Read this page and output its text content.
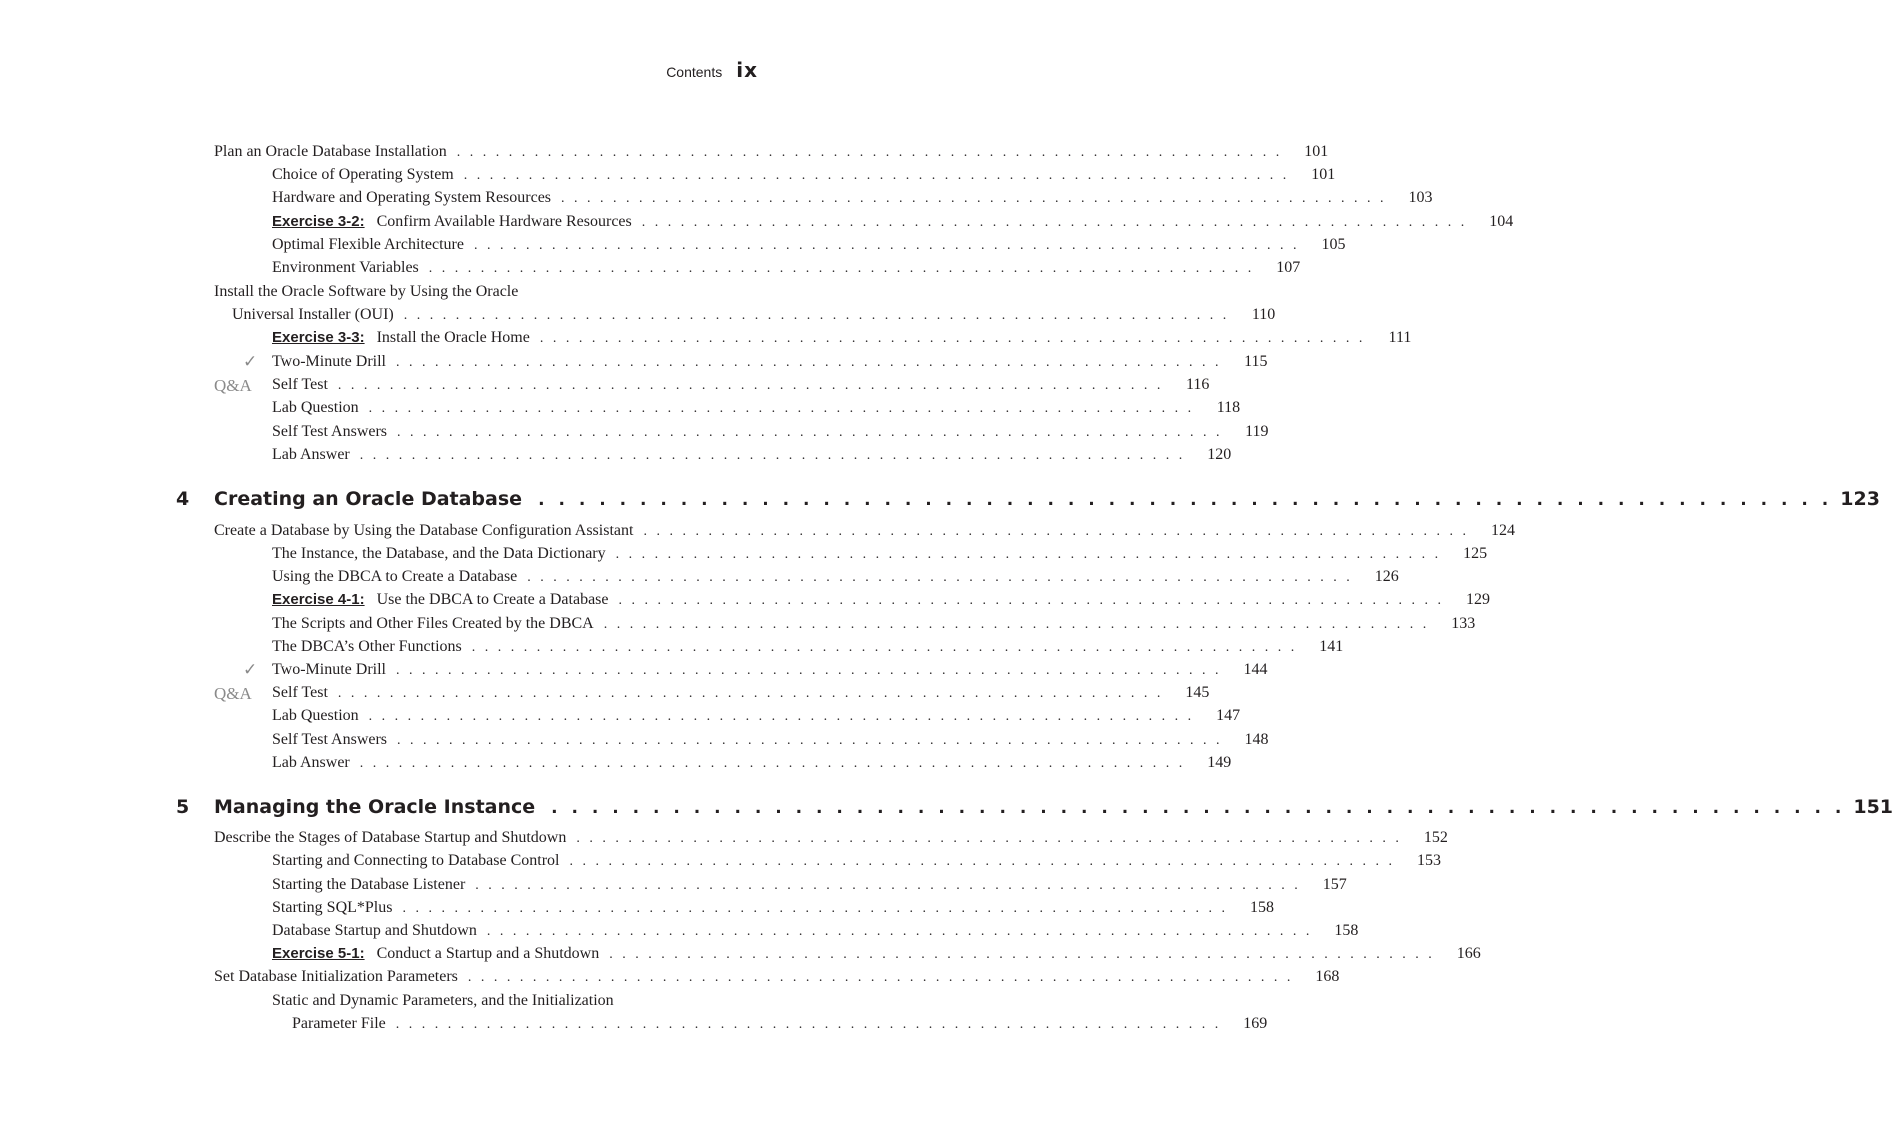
Contents ix
Plan an Oracle Database Installation . . . . . . . . . . . . . . . . . . . . . . . . . . . . . . . . . . . . . . . . . . . . . . . . . . . . . . . . . . . . . . . .	101
Choice of Operating System . . . . . . . . . . . . . . . . . . . . . . . . . . . . . . . . . . . . . . . . . . . . . . . . . . . . . . . . . . . . . . . .	101
Hardware and Operating System Resources . . . . . . . . . . . . . . . . . . . . . . . . . . . . . . . . . . . . . . . . . . . . . . . . . . . . . . . . . . . . . . . .	103
Exercise 3-2: Confirm Available Hardware Resources . . . . . . . . . . . . . . . . . . . . . . . . . . . . . . . . . . . . . . . . . . . . . . . . . . . . . . . . . . . . . . . .	104
Optimal Flexible Architecture . . . . . . . . . . . . . . . . . . . . . . . . . . . . . . . . . . . . . . . . . . . . . . . . . . . . . . . . . . . . . . . .	105
Environment Variables . . . . . . . . . . . . . . . . . . . . . . . . . . . . . . . . . . . . . . . . . . . . . . . . . . . . . . . . . . . . . . . .	107
Install the Oracle Software by Using the Oracle
Universal Installer (OUI) . . . . . . . . . . . . . . . . . . . . . . . . . . . . . . . . . . . . . . . . . . . . . . . . . . . . . . . . . . . . . . . .	110
Exercise 3-3: Install the Oracle Home . . . . . . . . . . . . . . . . . . . . . . . . . . . . . . . . . . . . . . . . . . . . . . . . . . . . . . . . . . . . . . . .	111
✓ Two-Minute Drill . . . . . . . . . . . . . . . . . . . . . . . . . . . . . . . . . . . . . . . . . . . . . . . . . . . . . . . . . . . . . . . .	115
Q&A Self Test . . . . . . . . . . . . . . . . . . . . . . . . . . . . . . . . . . . . . . . . . . . . . . . . . . . . . . . . . . . . . . . .	116
Lab Question . . . . . . . . . . . . . . . . . . . . . . . . . . . . . . . . . . . . . . . . . . . . . . . . . . . . . . . . . . . . . . . .	118
Self Test Answers . . . . . . . . . . . . . . . . . . . . . . . . . . . . . . . . . . . . . . . . . . . . . . . . . . . . . . . . . . . . . . . .	119
Lab Answer . . . . . . . . . . . . . . . . . . . . . . . . . . . . . . . . . . . . . . . . . . . . . . . . . . . . . . . . . . . . . . . .	120
4	Creating an Oracle Database . . . . . . . . . . . . . . . . . . . . . . . . . . . . . . . . . . . . . . . . . . . . . . . . . . . . . . . . . . . . . . . . 123
Create a Database by Using the Database Configuration Assistant . . . . . . . . . . . . . . . . . . . . . . . . . . . . . . . . . . . . . . . . . . . . . . . . . . . . . . . . . . . . . . . .	124
The Instance, the Database, and the Data Dictionary . . . . . . . . . . . . . . . . . . . . . . . . . . . . . . . . . . . . . . . . . . . . . . . . . . . . . . . . . . . . . . . .	125
Using the DBCA to Create a Database . . . . . . . . . . . . . . . . . . . . . . . . . . . . . . . . . . . . . . . . . . . . . . . . . . . . . . . . . . . . . . . .	126
Exercise 4-1: Use the DBCA to Create a Database . . . . . . . . . . . . . . . . . . . . . . . . . . . . . . . . . . . . . . . . . . . . . . . . . . . . . . . . . . . . . . . .	129
The Scripts and Other Files Created by the DBCA . . . . . . . . . . . . . . . . . . . . . . . . . . . . . . . . . . . . . . . . . . . . . . . . . . . . . . . . . . . . . . . .	133
The DBCA’s Other Functions . . . . . . . . . . . . . . . . . . . . . . . . . . . . . . . . . . . . . . . . . . . . . . . . . . . . . . . . . . . . . . . .	141
✓ Two-Minute Drill . . . . . . . . . . . . . . . . . . . . . . . . . . . . . . . . . . . . . . . . . . . . . . . . . . . . . . . . . . . . . . . .	144
Q&A Self Test . . . . . . . . . . . . . . . . . . . . . . . . . . . . . . . . . . . . . . . . . . . . . . . . . . . . . . . . . . . . . . . .	145
Lab Question . . . . . . . . . . . . . . . . . . . . . . . . . . . . . . . . . . . . . . . . . . . . . . . . . . . . . . . . . . . . . . . .	147
Self Test Answers . . . . . . . . . . . . . . . . . . . . . . . . . . . . . . . . . . . . . . . . . . . . . . . . . . . . . . . . . . . . . . . .	148
Lab Answer . . . . . . . . . . . . . . . . . . . . . . . . . . . . . . . . . . . . . . . . . . . . . . . . . . . . . . . . . . . . . . . .	149
5	Managing the Oracle Instance . . . . . . . . . . . . . . . . . . . . . . . . . . . . . . . . . . . . . . . . . . . . . . . . . . . . . . . . . . . . . . . . 151
Describe the Stages of Database Startup and Shutdown . . . . . . . . . . . . . . . . . . . . . . . . . . . . . . . . . . . . . . . . . . . . . . . . . . . . . . . . . . . . . . . .	152
Starting and Connecting to Database Control . . . . . . . . . . . . . . . . . . . . . . . . . . . . . . . . . . . . . . . . . . . . . . . . . . . . . . . . . . . . . . . .	153
Starting the Database Listener . . . . . . . . . . . . . . . . . . . . . . . . . . . . . . . . . . . . . . . . . . . . . . . . . . . . . . . . . . . . . . . .	157
Starting SQL*Plus . . . . . . . . . . . . . . . . . . . . . . . . . . . . . . . . . . . . . . . . . . . . . . . . . . . . . . . . . . . . . . . .	158
Database Startup and Shutdown . . . . . . . . . . . . . . . . . . . . . . . . . . . . . . . . . . . . . . . . . . . . . . . . . . . . . . . . . . . . . . . .	158
Exercise 5-1: Conduct a Startup and a Shutdown . . . . . . . . . . . . . . . . . . . . . . . . . . . . . . . . . . . . . . . . . . . . . . . . . . . . . . . . . . . . . . . .	166
Set Database Initialization Parameters . . . . . . . . . . . . . . . . . . . . . . . . . . . . . . . . . . . . . . . . . . . . . . . . . . . . . . . . . . . . . . . .	168
Static and Dynamic Parameters, and the Initialization
Parameter File . . . . . . . . . . . . . . . . . . . . . . . . . . . . . . . . . . . . . . . . . . . . . . . . . . . . . . . . . . . . . . . .	169
